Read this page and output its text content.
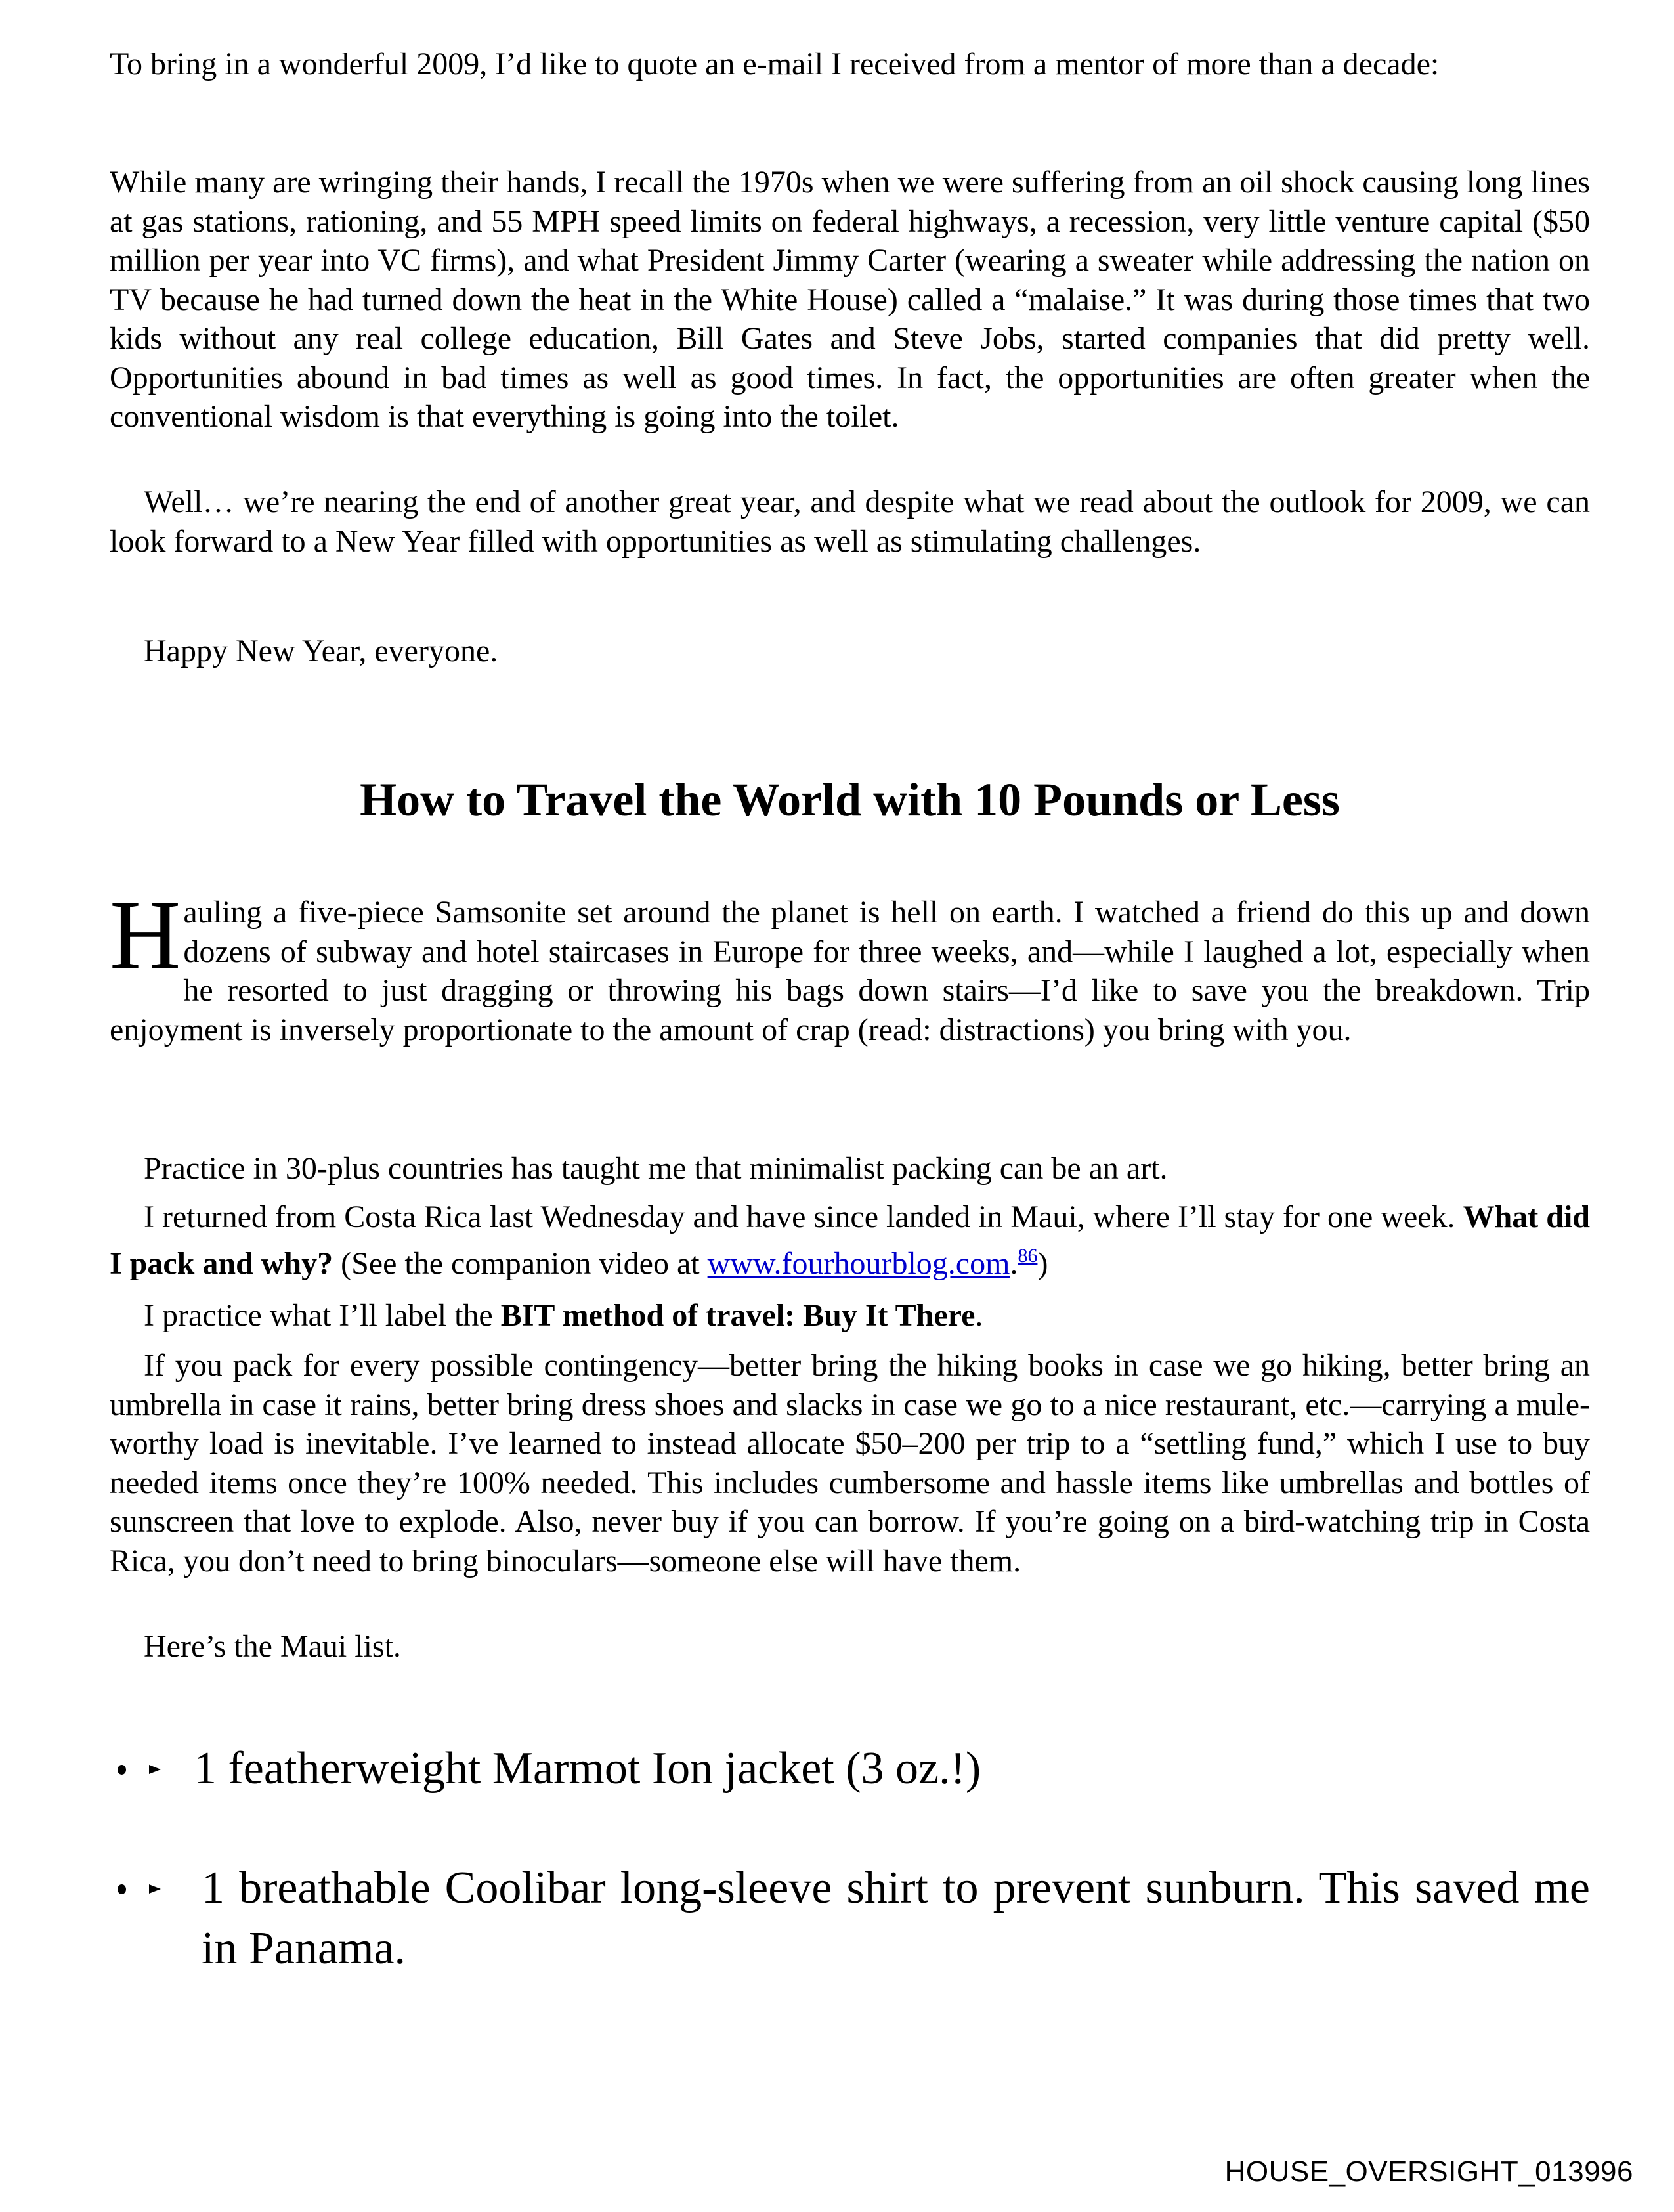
To bring in a wonderful 2009, I’d like to quote an e-mail I received from a mentor of more than a decade:

While many are wringing their hands, I recall the 1970s when we were suffering from an oil shock causing long lines at gas stations, rationing, and 55 MPH speed limits on federal highways, a recession, very little venture capital ($50 million per year into VC firms), and what President Jimmy Carter (wearing a sweater while addressing the nation on TV because he had turned down the heat in the White House) called a “malaise.” It was during those times that two kids without any real college education, Bill Gates and Steve Jobs, started companies that did pretty well. Opportunities abound in bad times as well as good times. In fact, the opportunities are often greater when the conventional wisdom is that everything is going into the toilet.

Well… we’re nearing the end of another great year, and despite what we read about the outlook for 2009, we can look forward to a New Year filled with opportunities as well as stimulating challenges.

Happy New Year, everyone.

How to Travel the World with 10 Pounds or Less
Hauling a five-piece Samsonite set around the planet is hell on earth. I watched a friend do this up and down dozens of subway and hotel staircases in Europe for three weeks, and—while I laughed a lot, especially when he resorted to just dragging or throwing his bags down stairs—I’d like to save you the breakdown. Trip enjoyment is inversely proportionate to the amount of crap (read: distractions) you bring with you.

Practice in 30-plus countries has taught me that minimalist packing can be an art.

I returned from Costa Rica last Wednesday and have since landed in Maui, where I’ll stay for one week. What did I pack and why? (See the companion video at www.fourhourblog.com.$^{86}$)

I practice what I’ll label the BIT method of travel: Buy It There.

If you pack for every possible contingency—better bring the hiking books in case we go hiking, better bring an umbrella in case it rains, better bring dress shoes and slacks in case we go to a nice restaurant, etc.—carrying a mule-worthy load is inevitable. I’ve learned to instead allocate $50–200 per trip to a “settling fund,” which I use to buy needed items once they’re 100% needed. This includes cumbersome and hassle items like umbrellas and bottles of sunscreen that love to explode. Also, never buy if you can borrow. If you’re going on a bird-watching trip in Costa Rica, you don’t need to bring binoculars—someone else will have them.

Here’s the Maui list.

1 featherweight Marmot Ion jacket (3 oz.!)
1 breathable Coolibar long-sleeve shirt to prevent sunburn. This saved me in Panama.
HOUSE_OVERSIGHT_013996
